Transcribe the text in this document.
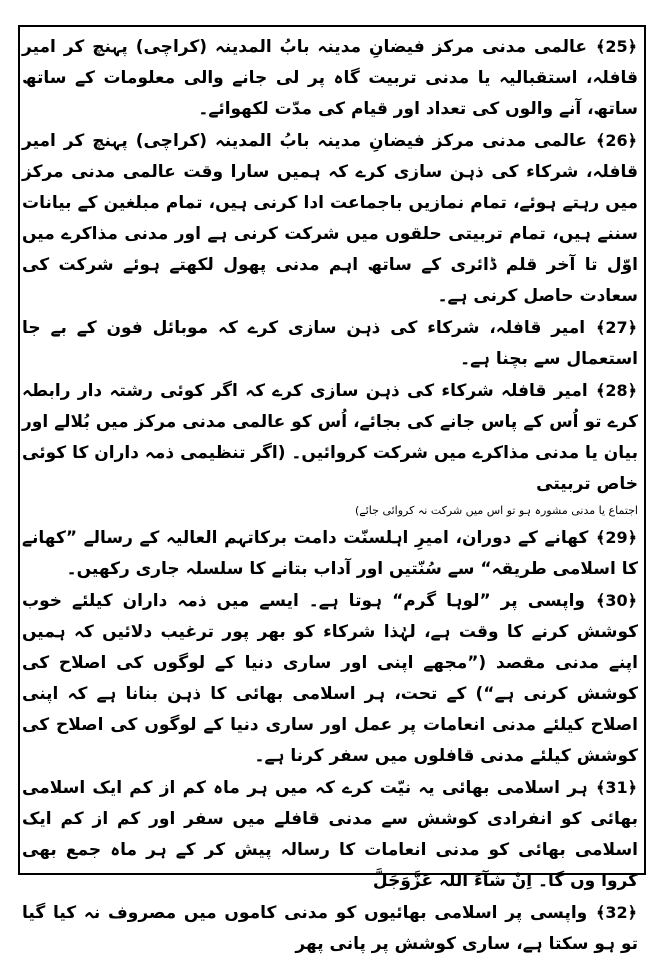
﴿25﴾ عالمی مدنی مرکز فیضانِ مدینہ بابُ المدینہ (کراچی) پہنچ کر امیر قافلہ، استقبالیہ یا مدنی تربیت گاہ پر لی جانے والی معلومات کے ساتھ ساتھ، آنے والوں کی تعداد اور قیام کی مدّت لکھوائے۔

﴿26﴾ عالمی مدنی مرکز فیضانِ مدینہ بابُ المدینہ (کراچی) پہنچ کر امیر قافلہ، شرکاء کی ذہن سازی کرے کہ ہمیں سارا وقت عالمی مدنی مرکز میں رہتے ہوئے، تمام نمازیں باجماعت ادا کرنی ہیں، تمام مبلغین کے بیانات سننے ہیں، تمام تربیتی حلقوں میں شرکت کرنی ہے اور مدنی مذاکرے میں اوّل تا آخر قلم ڈائری کے ساتھ اہم مدنی پھول لکھتے ہوئے شرکت کی سعادت حاصل کرنی ہے۔

﴿27﴾ امیر قافلہ، شرکاء کی ذہن سازی کرے کہ موبائل فون کے بے جا استعمال سے بچنا ہے۔

﴿28﴾ امیر قافلہ شرکاء کی ذہن سازی کرے کہ اگر کوئی رشتہ دار رابطہ کرے تو اُس کے پاس جانے کی بجائے، اُس کو عالمی مدنی مرکز میں بُلالے اور بیان یا مدنی مذاکرے میں شرکت کروائیں۔ (اگر تنظیمی ذمہ داران کا کوئی خاص تربیتی

اجتماع یا مدنی مشورہ ہو تو اس میں شرکت نہ کروائی جائے)

﴿29﴾ کھانے کے دوران، امیرِ اہلسنّت دامت برکاتہم العالیہ کے رسالے ”کھانے کا اسلامی طریقہ“ سے سُنّتیں اور آداب بتانے کا سلسلہ جاری رکھیں۔

﴿30﴾ واپسی پر ”لوہا گرم“ ہوتا ہے۔ ایسے میں ذمہ داران کیلئے خوب کوشش کرنے کا وقت ہے، لہٰذا شرکاء کو بھر پور ترغیب دلائیں کہ ہمیں اپنے مدنی مقصد (”مجھے اپنی اور ساری دنیا کے لوگوں کی اصلاح کی کوشش کرنی ہے“) کے تحت، ہر اسلامی بھائی کا ذہن بنانا ہے کہ اپنی اصلاح کیلئے مدنی انعامات پر عمل اور ساری دنیا کے لوگوں کی اصلاح کی کوشش کیلئے مدنی قافلوں میں سفر کرنا ہے۔

﴿31﴾ ہر اسلامی بھائی یہ نیّت کرے کہ میں ہر ماہ کم از کم ایک اسلامی بھائی کو انفرادی کوشش سے مدنی قافلے میں سفر اور کم از کم ایک اسلامی بھائی کو مدنی انعامات کا رسالہ پیش کر کے ہر ماہ جمع بھی کروا وں گا۔ اِنْ شَآءَ اللہ عَزَّوَجَلَّ

﴿32﴾ واپسی پر اسلامی بھائیوں کو مدنی کاموں میں مصروف نہ کیا گیا تو ہو سکتا ہے، ساری کوشش پر پانی پھر
